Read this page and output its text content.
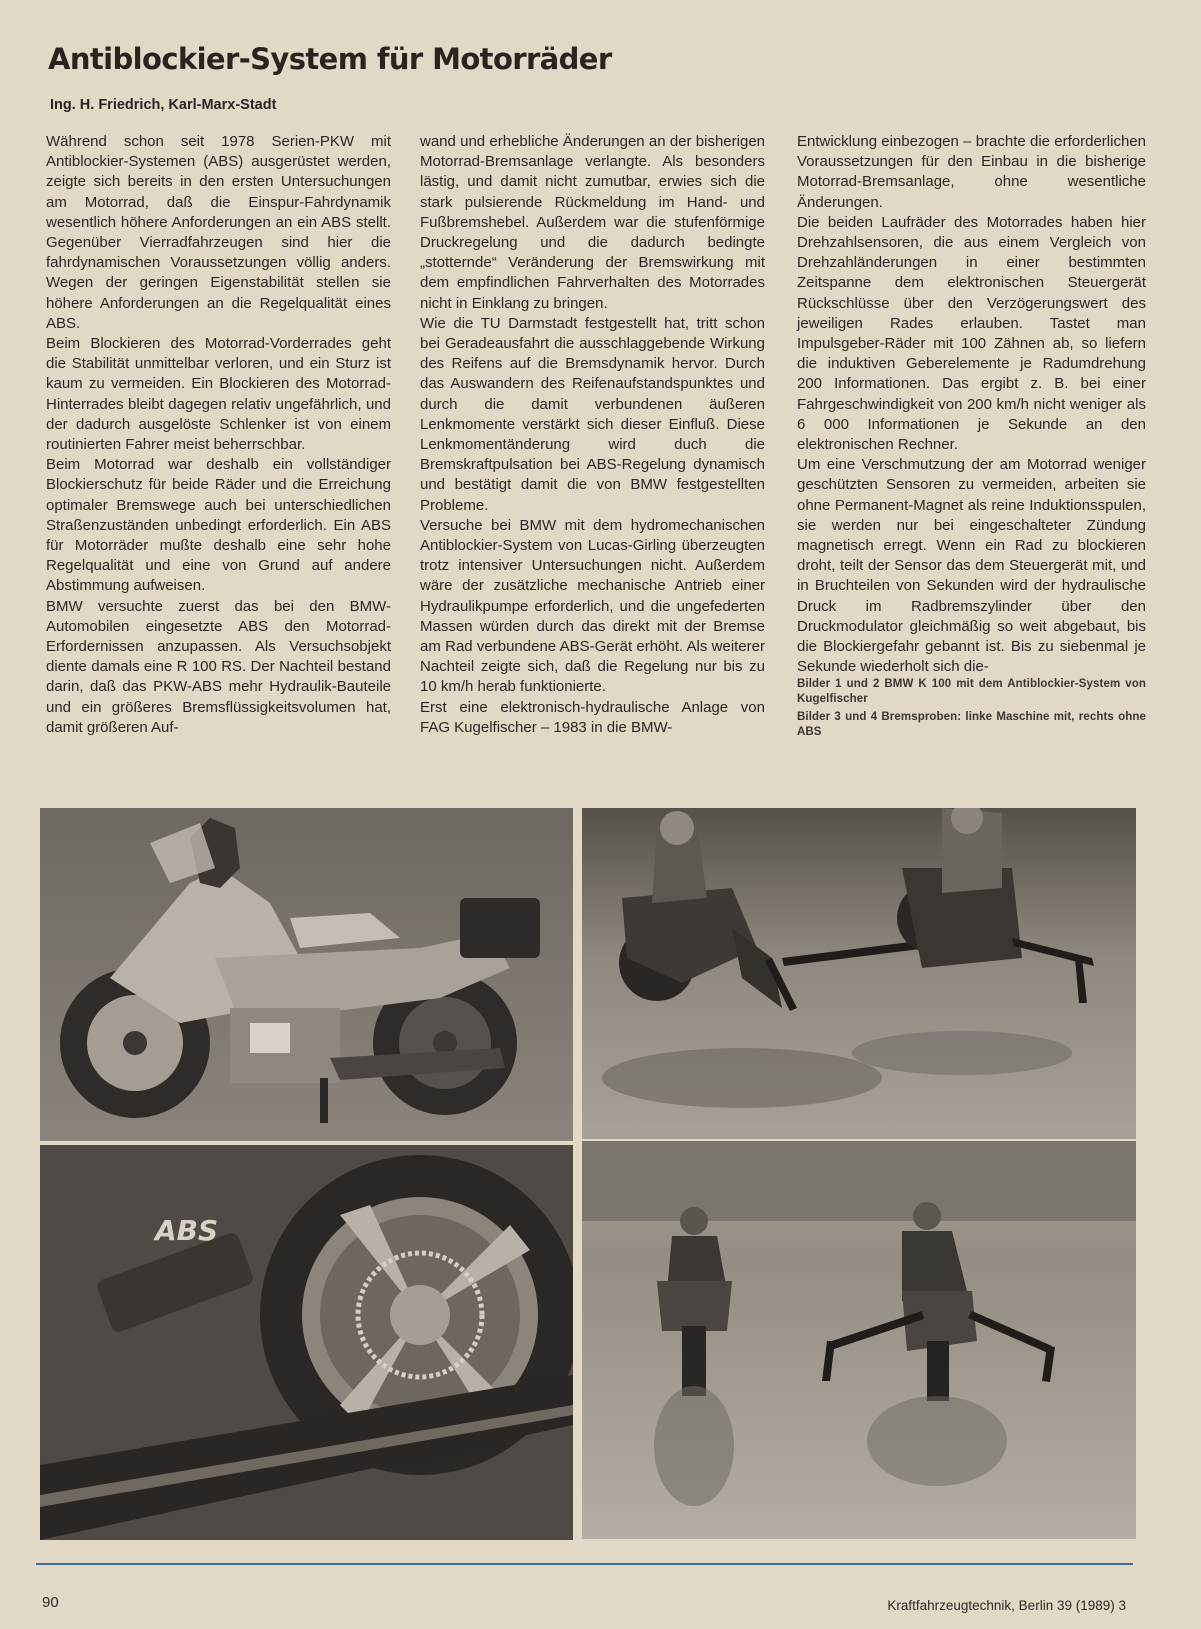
Antiblockier-System für Motorräder

Ing. H. Friedrich, Karl-Marx-Stadt

Während schon seit 1978 Serien-PKW mit Antiblockier-Systemen (ABS) ausgerüstet werden, zeigte sich bereits in den ersten Untersuchungen am Motorrad, daß die Einspur-Fahrdynamik wesentlich höhere Anforderungen an ein ABS stellt. Gegenüber Vierradfahrzeugen sind hier die fahrdynamischen Voraussetzungen völlig anders. Wegen der geringen Eigenstabilität stellen sie höhere Anforderungen an die Regelqualität eines ABS.

Beim Blockieren des Motorrad-Vorderrades geht die Stabilität unmittelbar verloren, und ein Sturz ist kaum zu vermeiden. Ein Blockieren des Motorrad-Hinterrades bleibt dagegen relativ ungefährlich, und der dadurch ausgelöste Schlenker ist von einem routinierten Fahrer meist beherrschbar.

Beim Motorrad war deshalb ein vollständiger Blockierschutz für beide Räder und die Erreichung optimaler Bremswege auch bei unterschiedlichen Straßenzuständen unbedingt erforderlich. Ein ABS für Motorräder mußte deshalb eine sehr hohe Regelqualität und eine von Grund auf andere Abstimmung aufweisen.

BMW versuchte zuerst das bei den BMW-Automobilen eingesetzte ABS den Motorrad-Erfordernissen anzupassen. Als Versuchsobjekt diente damals eine R 100 RS. Der Nachteil bestand darin, daß das PKW-ABS mehr Hydraulik-Bauteile und ein größeres Bremsflüssigkeitsvolumen hat, damit größeren Auf-

wand und erhebliche Änderungen an der bisherigen Motorrad-Bremsanlage verlangte. Als besonders lästig, und damit nicht zumutbar, erwies sich die stark pulsierende Rückmeldung im Hand- und Fußbremshebel. Außerdem war die stufenförmige Druckregelung und die dadurch bedingte „stotternde“ Veränderung der Bremswirkung mit dem empfindlichen Fahrverhalten des Motorrades nicht in Einklang zu bringen.

Wie die TU Darmstadt festgestellt hat, tritt schon bei Geradeausfahrt die ausschlaggebende Wirkung des Reifens auf die Bremsdynamik hervor. Durch das Auswandern des Reifenaufstandspunktes und durch die damit verbundenen äußeren Lenkmomente verstärkt sich dieser Einfluß. Diese Lenkmomentänderung wird duch die Bremskraftpulsation bei ABS-Regelung dynamisch und bestätigt damit die von BMW festgestellten Probleme.

Versuche bei BMW mit dem hydromechanischen Antiblockier-System von Lucas-Girling überzeugten trotz intensiver Untersuchungen nicht. Außerdem wäre der zusätzliche mechanische Antrieb einer Hydraulikpumpe erforderlich, und die ungefederten Massen würden durch das direkt mit der Bremse am Rad verbundene ABS-Gerät erhöht. Als weiterer Nachteil zeigte sich, daß die Regelung nur bis zu 10 km/h herab funktionierte.

Erst eine elektronisch-hydraulische Anlage von FAG Kugelfischer – 1983 in die BMW-

Entwicklung einbezogen – brachte die erforderlichen Voraussetzungen für den Einbau in die bisherige Motorrad-Bremsanlage, ohne wesentliche Änderungen.

Die beiden Laufräder des Motorrades haben hier Drehzahlsensoren, die aus einem Vergleich von Drehzahländerungen in einer bestimmten Zeitspanne dem elektronischen Steuergerät Rückschlüsse über den Verzögerungswert des jeweiligen Rades erlauben. Tastet man Impulsgeber-Räder mit 100 Zähnen ab, so liefern die induktiven Geberelemente je Radumdrehung 200 Informationen. Das ergibt z. B. bei einer Fahrgeschwindigkeit von 200 km/h nicht weniger als 6 000 Informationen je Sekunde an den elektronischen Rechner.

Um eine Verschmutzung der am Motorrad weniger geschützten Sensoren zu vermeiden, arbeiten sie ohne Permanent-Magnet als reine Induktionsspulen, sie werden nur bei eingeschalteter Zündung magnetisch erregt. Wenn ein Rad zu blockieren droht, teilt der Sensor das dem Steuergerät mit, und in Bruchteilen von Sekunden wird der hydraulische Druck im Radbremszylinder über den Druckmodulator gleichmäßig so weit abgebaut, bis die Blockiergefahr gebannt ist. Bis zu siebenmal je Sekunde wiederholt sich die-

Bilder 1 und 2 BMW K 100 mit dem Antiblockier-System von Kugelfischer

Bilder 3 und 4 Bremsproben: linke Maschine mit, rechts ohne ABS

ABS
90	Kraftfahrzeugtechnik, Berlin 39 (1989) 3
